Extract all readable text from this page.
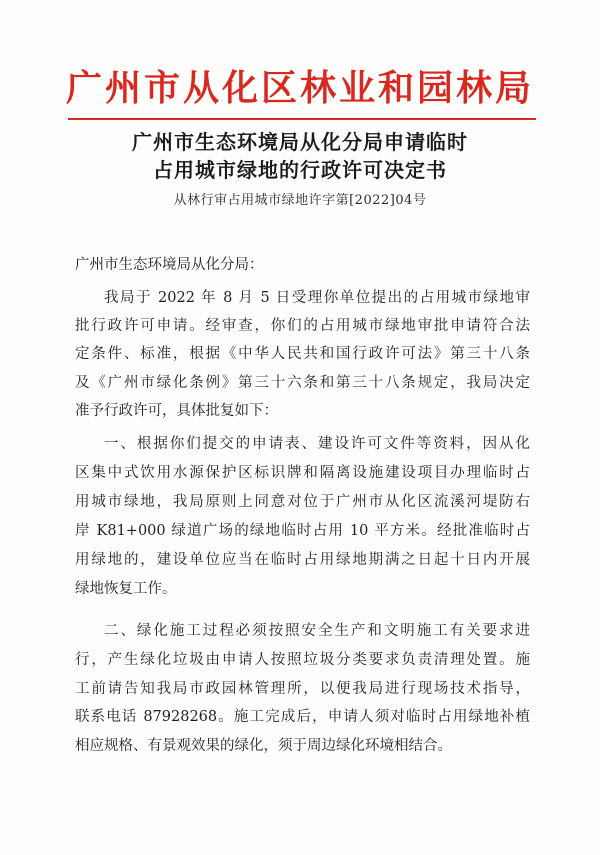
广州市从化区林业和园林局
广州市生态环境局从化分局申请临时
占用城市绿地的行政许可决定书
从林行审占用城市绿地许字第[2022]04号
广州市生态环境局从化分局：
我局于 2022 年 8 月 5 日受理你单位提出的占用城市绿地审
批行政许可申请。经审查，你们的占用城市绿地审批申请符合法
定条件、标准，根据《中华人民共和国行政许可法》第三十八条
及《广州市绿化条例》第三十六条和第三十八条规定，我局决定
准予行政许可，具体批复如下：
一、根据你们提交的申请表、建设许可文件等资料，因从化
区集中式饮用水源保护区标识牌和隔离设施建设项目办理临时占
用城市绿地，我局原则上同意对位于广州市从化区流溪河堤防右
岸 K81+000 绿道广场的绿地临时占用 10 平方米。经批准临时占
用绿地的，建设单位应当在临时占用绿地期满之日起十日内开展
绿地恢复工作。
二、绿化施工过程必须按照安全生产和文明施工有关要求进
行，产生绿化垃圾由申请人按照垃圾分类要求负责清理处置。施
工前请告知我局市政园林管理所，以便我局进行现场技术指导，
联系电话 87928268。施工完成后，申请人须对临时占用绿地补植
相应规格、有景观效果的绿化，须于周边绿化环境相结合。
